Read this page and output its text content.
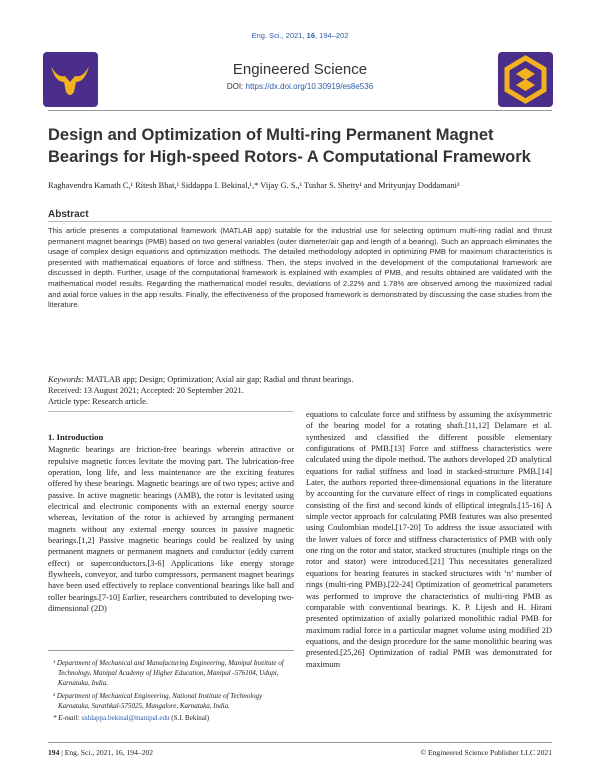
Eng. Sci., 2021, 16, 194–202
Engineered Science
DOI: https://dx.doi.org/10.30919/es8e536
Design and Optimization of Multi-ring Permanent Magnet Bearings for High-speed Rotors- A Computational Framework
Raghavendra Kamath C,¹ Ritesh Bhat,¹ Siddappa I. Bekinal,¹,* Vijay G. S.,¹ Tushar S. Shetty¹ and Mrityunjay Doddamani²
Abstract
This article presents a computational framework (MATLAB app) suitable for the industrial use for selecting optimum multi-ring radial and thrust permanent magnet bearings (PMB) based on two general variables (outer diameter/air gap and length of a bearing). Such an approach eliminates the usage of complex design equations and optimization methods. The detailed methodology adopted in optimizing PMB for maximum characteristics is presented with mathematical equations of force and stiffness. Then, the steps involved in the development of the computational framework are discussed in depth. Further, usage of the computational framework is explained with examples of PMB, and results obtained are validated with the mathematical model results. Regarding the mathematical model results, deviations of 2.22% and 1.78% are observed among the maximized radial and axial force values in the app results. Finally, the effectiveness of the proposed framework is demonstrated by discussing the case studies from the literature.
Keywords: MATLAB app; Design; Optimization; Axial air gap; Radial and thrust bearings.
Received: 13 August 2021; Accepted: 20 September 2021.
Article type: Research article.
1. Introduction
Magnetic bearings are friction-free bearings wherein attractive or repulsive magnetic forces levitate the moving part. The lubrication-free operation, long life, and less maintenance are the exciting features offered by these bearings. Magnetic bearings are of two types; active and passive. In active magnetic bearings (AMB), the rotor is levitated using electrical and electronic components with an external energy source whereas, levitation of the rotor is achieved by arranging permanent magnets without any external energy sources in passive magnetic bearings.[1,2] Passive magnetic bearings could be realized by using permanent magnets or permanent magnets and conductor (eddy current effect) or superconductors.[3-6] Applications like energy storage flywheels, conveyor, and turbo compressors, permanent magnet bearings have been used effectively to replace conventional bearings like ball and roller bearings.[7-10] Earlier, researchers contributed to developing two-dimensional (2D)
equations to calculate force and stiffness by assuming the axisymmetric of the bearing model for a rotating shaft.[11,12] Delamare et al. synthesized and classified the different possible elementary configurations of PMB.[13] Force and stiffness characteristics were calculated using the dipole method. The authors developed 2D analytical equations for radial stiffness and load in stacked-structure PMB.[14] Later, the authors reported three-dimensional equations in the literature by accounting for the curvature effect of rings in complicated equations consisting of the first and second kinds of elliptical integrals.[15-16] A simple vector approach for calculating PMB features was also presented using Coulombian model.[17-20] To address the issue associated with the lower values of force and stiffness characteristics of PMB with only one ring on the rotor and stator, stacked structures (multiple rings on the rotor and stator) were introduced.[21] This necessitates generalized equations for bearing features in stacked structures with ‘n’ number of rings (multi-ring PMB).[22-24] Optimization of geometrical parameters was performed to improve the characteristics of multi-ring PMB as comparable with conventional bearings. K. P. Lijesh and H. Hirani presented optimization of axially polarized monolithic radial PMB for maximum radial force in a particular magnet volume using modified 2D equations, and the design procedure for the same monolithic bearing was presented.[25,26] Optimization of radial PMB was demonstrated for maximum
¹ Department of Mechanical and Manufacturing Engineering, Manipal Institute of Technology, Manipal Academy of Higher Education, Manipal -576104, Udupi, Karnataka, India.
² Department of Mechanical Engineering, National Institute of Technology Karnataka, Surathkal-575025, Mangalore, Karnataka, India.
* E-mail: siddappa.bekinal@manipal.edu (S.I. Bekinal)
194 | Eng. Sci., 2021, 16, 194–202	© Engineered Science Publisher LLC 2021
